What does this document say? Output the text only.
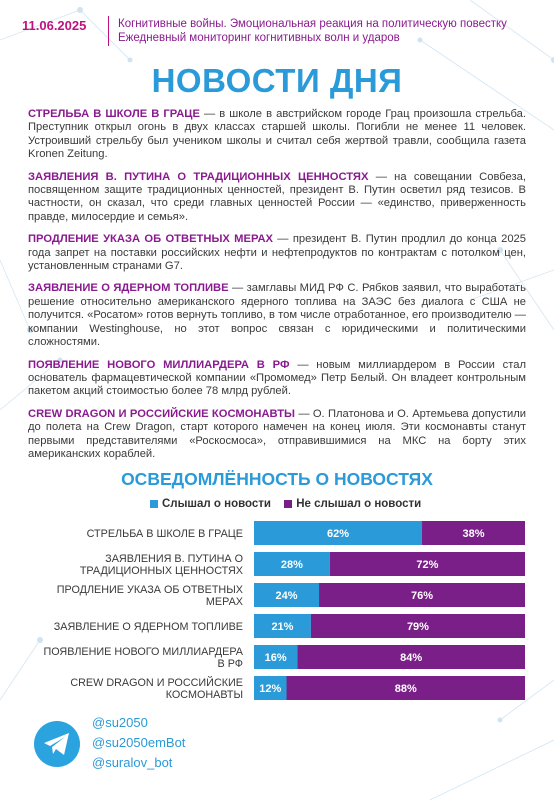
11.06.2025	Когнитивные войны. Эмоциональная реакция на политическую повестку
Ежедневный мониторинг когнитивных волн и ударов
НОВОСТИ ДНЯ

СТРЕЛЬБА В ШКОЛЕ В ГРАЦЕ — в школе в австрийском городе Грац произошла стрельба. Преступник открыл огонь в двух классах старшей школы. Погибли не менее 11 человек. Устроивший стрельбу был учеником школы и считал себя жертвой травли, сообщила газета Kronen Zeitung.

ЗАЯВЛЕНИЯ В. ПУТИНА О ТРАДИЦИОННЫХ ЦЕННОСТЯХ — на совещании Совбеза, посвященном защите традиционных ценностей, президент В. Путин осветил ряд тезисов. В частности, он сказал, что среди главных ценностей России — «единство, приверженность правде, милосердие и семья».

ПРОДЛЕНИЕ УКАЗА ОБ ОТВЕТНЫХ МЕРАХ — президент В. Путин продлил до конца 2025 года запрет на поставки российских нефти и нефтепродуктов по контрактам с потолком цен, установленным странами G7.

ЗАЯВЛЕНИЕ О ЯДЕРНОМ ТОПЛИВЕ — замглавы МИД РФ С. Рябков заявил, что выработать решение относительно американского ядерного топлива на ЗАЭС без диалога с США не получится. «Росатом» готов вернуть топливо, в том числе отработанное, его производителю — компании Westinghouse, но этот вопрос связан с юридическими и политическими сложностями.

ПОЯВЛЕНИЕ НОВОГО МИЛЛИАРДЕРА В РФ — новым миллиардером в России стал основатель фармацевтической компании «Промомед» Петр Белый. Он владеет контрольным пакетом акций стоимостью более 78 млрд рублей.

CREW DRAGON И РОССИЙСКИЕ КОСМОНАВТЫ — О. Платонова и О. Артемьева допустили до полета на Crew Dragon, старт которого намечен на конец июля. Эти космонавты станут первыми представителями «Роскосмоса», отправившимися на МКС на борту этих американских кораблей.

ОСВЕДОМЛЁННОСТЬ О НОВОСТЯХ
Слышал о новости
Не слышал о новости
СТРЕЛЬБА В ШКОЛЕ В ГРАЦЕ	62%	38%
ЗАЯВЛЕНИЯ В. ПУТИНА О
ТРАДИЦИОННЫХ ЦЕННОСТЯХ	28%	72%
ПРОДЛЕНИЕ УКАЗА ОБ ОТВЕТНЫХ
МЕРАХ	24%	76%
ЗАЯВЛЕНИЕ О ЯДЕРНОМ ТОПЛИВЕ	21%	79%
ПОЯВЛЕНИЕ НОВОГО МИЛЛИАРДЕРА
В РФ 16%	84%
CREW DRAGON И РОССИЙСКИЕ
КОСМОНАВТЫ 12%	88%
@su2050
@su2050emBot
@suralov_bot
